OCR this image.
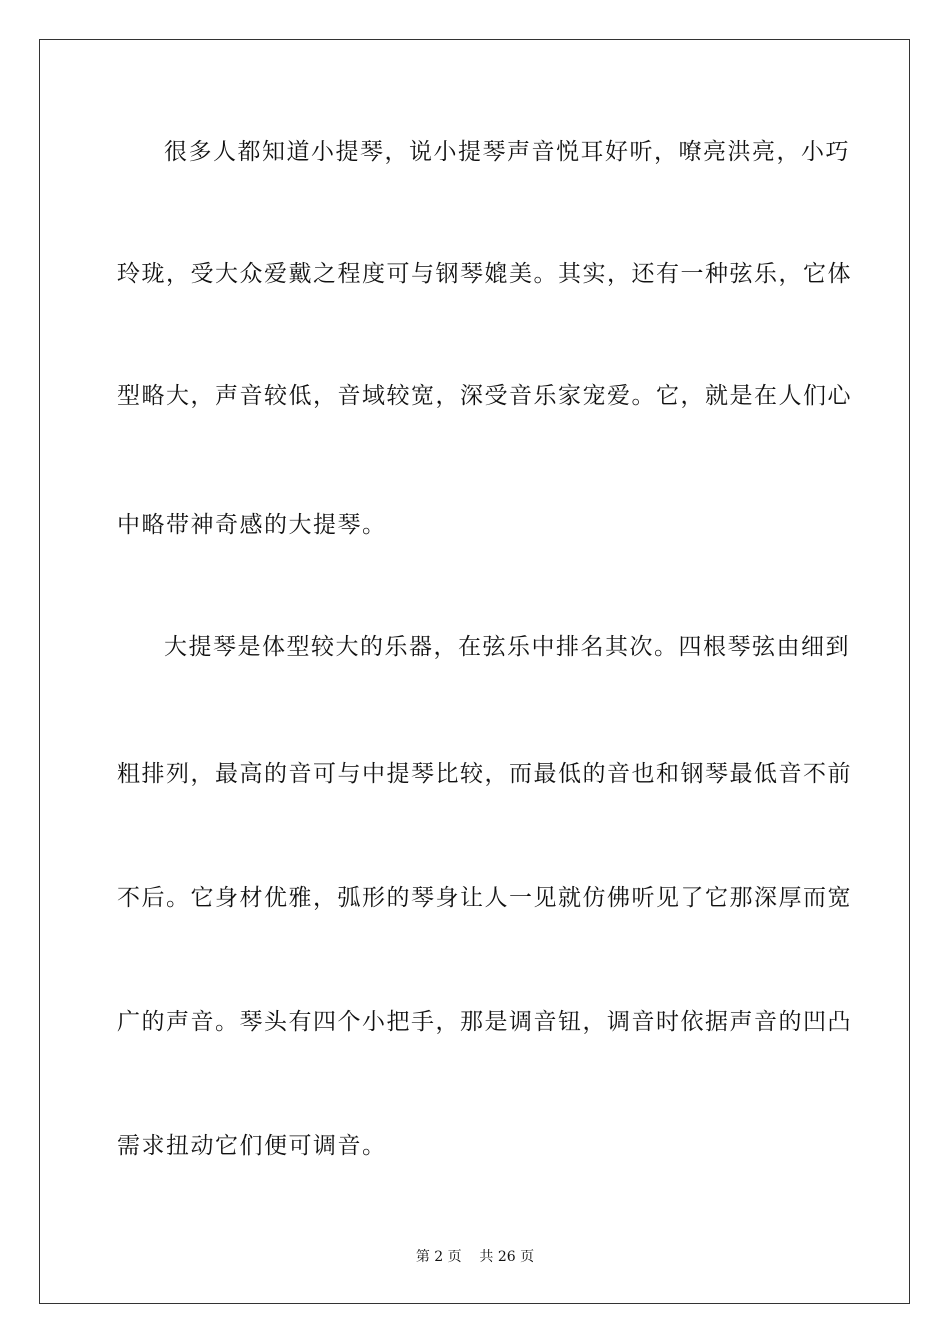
很多人都知道小提琴，说小提琴声音悦耳好听，嘹亮洪亮，小巧

玲珑，受大众爱戴之程度可与钢琴媲美。其实，还有一种弦乐，它体

型略大，声音较低，音域较宽，深受音乐家宠爱。它，就是在人们心

中略带神奇感的大提琴。

大提琴是体型较大的乐器，在弦乐中排名其次。四根琴弦由细到

粗排列，最高的音可与中提琴比较，而最低的音也和钢琴最低音不前

不后。它身材优雅，弧形的琴身让人一见就仿佛听见了它那深厚而宽

广的声音。琴头有四个小把手，那是调音钮，调音时依据声音的凹凸

需求扭动它们便可调音。

第 2 页    共 26 页
